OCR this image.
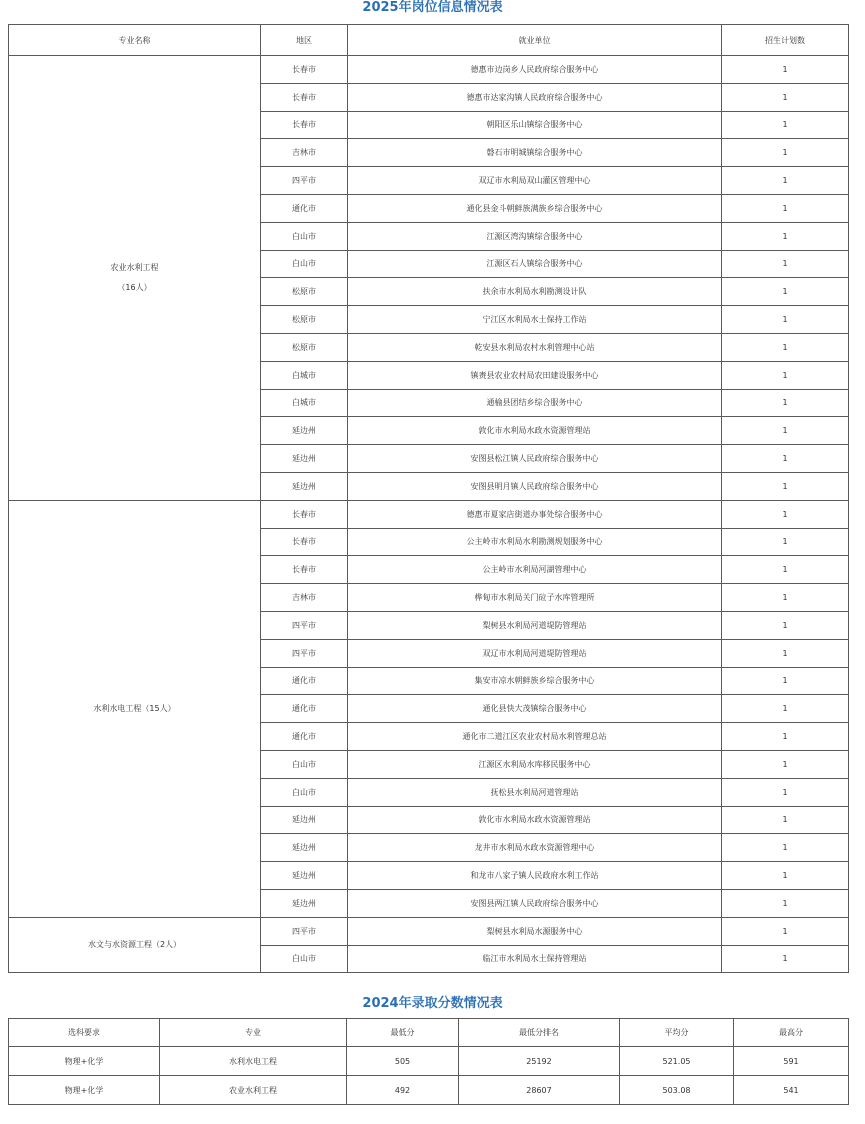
2025年岗位信息情况表
专业名称	地区	就业单位	招生计划数

农业水利工程
（16人）	长春市	德惠市边岗乡人民政府综合服务中心	1
	长春市	德惠市达家沟镇人民政府综合服务中心	1
	长春市	朝阳区乐山镇综合服务中心	1
	吉林市	磐石市明城镇综合服务中心	1
	四平市	双辽市水利局双山灌区管理中心	1
	通化市	通化县金斗朝鲜族满族乡综合服务中心	1
	白山市	江源区湾沟镇综合服务中心	1
	白山市	江源区石人镇综合服务中心	1
	松原市	扶余市水利局水利勘测设计队	1
	松原市	宁江区水利局水土保持工作站	1
	松原市	乾安县水利局农村水利管理中心站	1
	白城市	镇赉县农业农村局农田建设服务中心	1
	白城市	通榆县团结乡综合服务中心	1
	延边州	敦化市水利局水政水资源管理站	1
	延边州	安图县松江镇人民政府综合服务中心	1
	延边州	安图县明月镇人民政府综合服务中心	1

水利水电工程（15人）	长春市	德惠市夏家店街道办事处综合服务中心	1
	长春市	公主岭市水利局水利勘测规划服务中心	1
	长春市	公主岭市水利局河湖管理中心	1
	吉林市	桦甸市水利局关门砬子水库管理所	1
	四平市	梨树县水利局河道堤防管理站	1
	四平市	双辽市水利局河道堤防管理站	1
	通化市	集安市凉水朝鲜族乡综合服务中心	1
	通化市	通化县快大茂镇综合服务中心	1
	通化市	通化市二道江区农业农村局水利管理总站	1
	白山市	江源区水利局水库移民服务中心	1
	白山市	抚松县水利局河道管理站	1
	延边州	敦化市水利局水政水资源管理站	1
	延边州	龙井市水利局水政水资源管理中心	1
	延边州	和龙市八家子镇人民政府水利工作站	1
	延边州	安图县两江镇人民政府综合服务中心	1

水文与水资源工程（2人）	四平市	梨树县水利局水源服务中心	1
	白山市	临江市水利局水土保持管理站	1
2024年录取分数情况表
选科要求	专业	最低分	最低分排名	平均分	最高分
物理+化学	水利水电工程	505	25192	521.05	591
物理+化学	农业水利工程	492	28607	503.08	541
